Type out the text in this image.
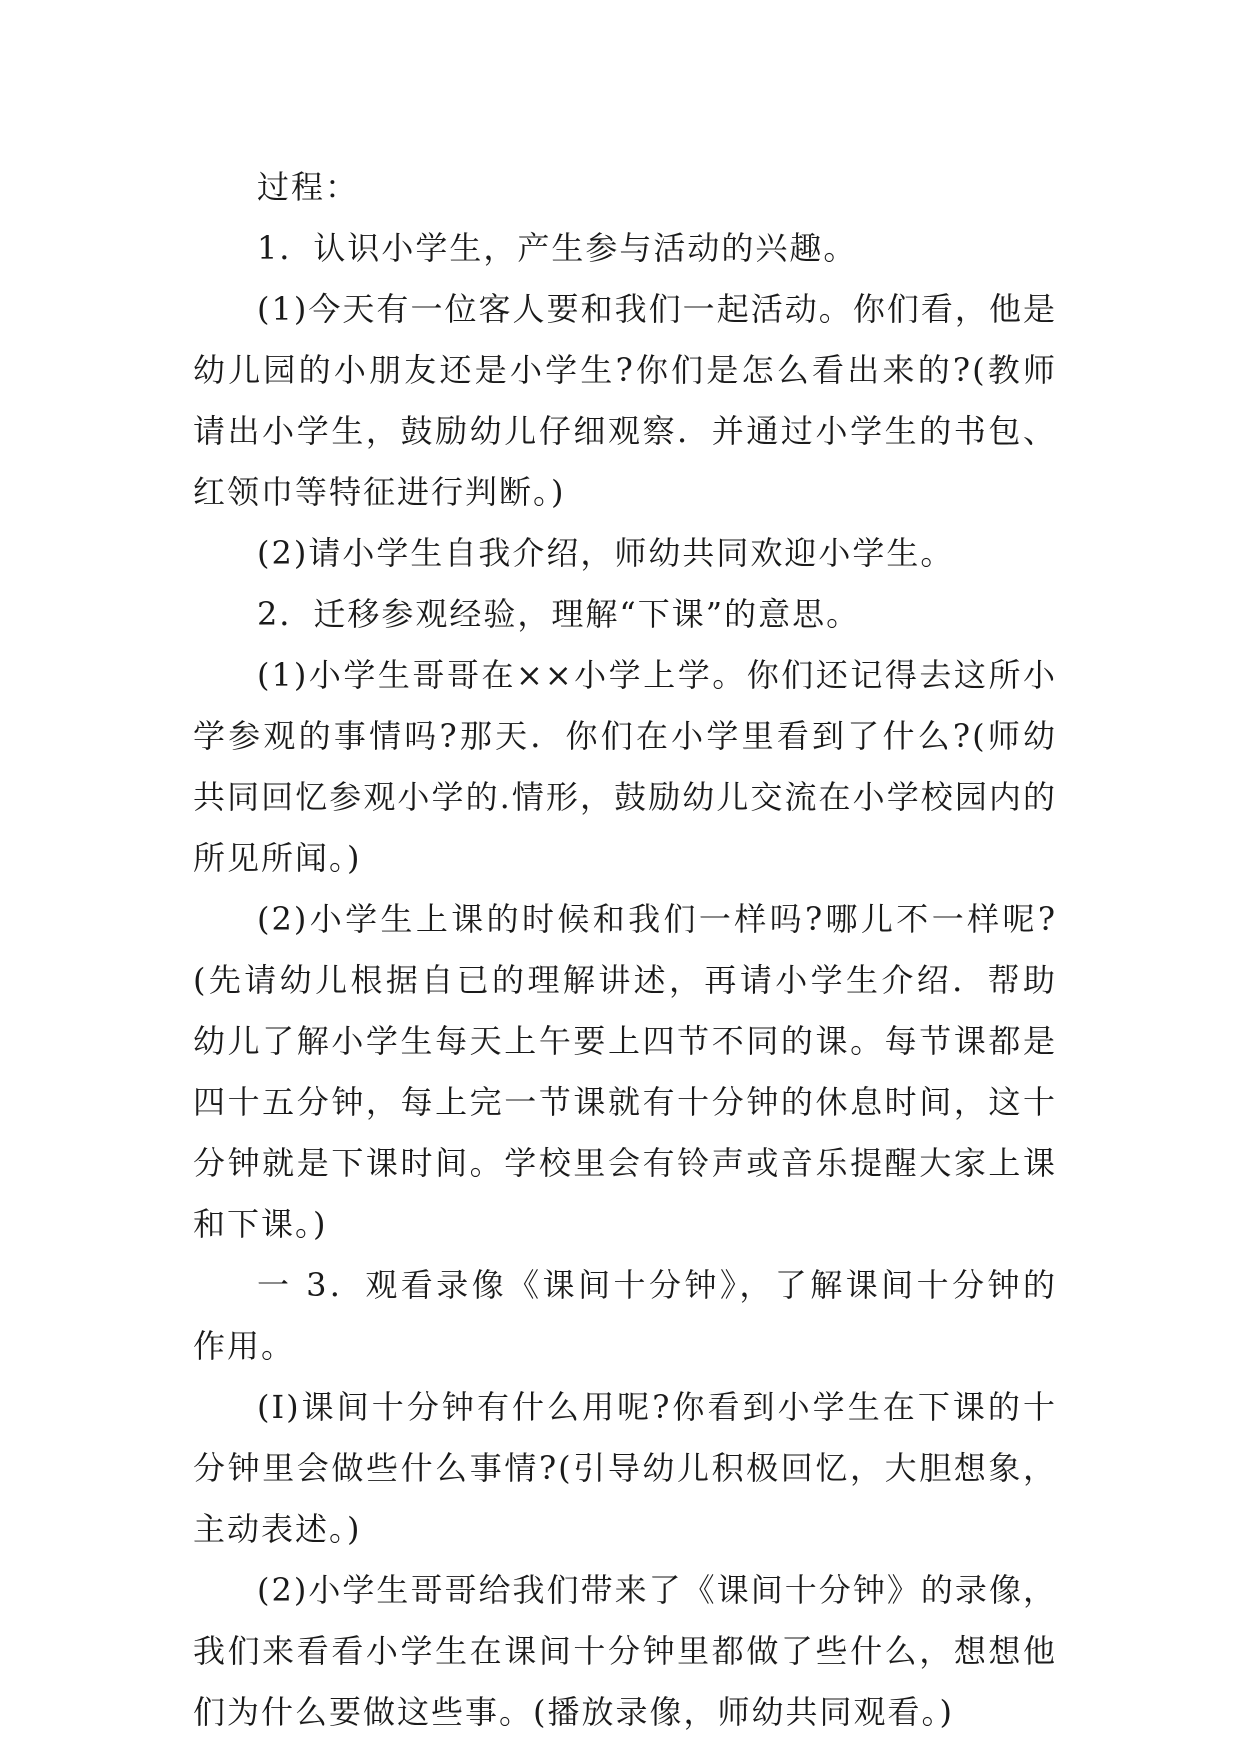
过程：

1．认识小学生，产生参与活动的兴趣。

(1)今天有一位客人要和我们一起活动。你们看，他是幼儿园的小朋友还是小学生?你们是怎么看出来的?(教师请出小学生，鼓励幼儿仔细观察．并通过小学生的书包、红领巾等特征进行判断。)

(2)请小学生自我介绍，师幼共同欢迎小学生。

2．迁移参观经验，理解“下课”的意思。

(1)小学生哥哥在××小学上学。你们还记得去这所小学参观的事情吗?那天．你们在小学里看到了什么?(师幼共同回忆参观小学的.情形，鼓励幼儿交流在小学校园内的所见所闻。)

(2)小学生上课的时候和我们一样吗?哪儿不一样呢?(先请幼儿根据自已的理解讲述，再请小学生介绍．帮助幼儿了解小学生每天上午要上四节不同的课。每节课都是四十五分钟，每上完一节课就有十分钟的休息时间，这十分钟就是下课时间。学校里会有铃声或音乐提醒大家上课和下课。)

一 3．观看录像《课间十分钟》，了解课间十分钟的作用。

(I)课间十分钟有什么用呢?你看到小学生在下课的十分钟里会做些什么事情?(引导幼儿积极回忆，大胆想象，主动表述。)

(2)小学生哥哥给我们带来了《课间十分钟》的录像，我们来看看小学生在课间十分钟里都做了些什么，想想他们为什么要做这些事。(播放录像，师幼共同观看。)
